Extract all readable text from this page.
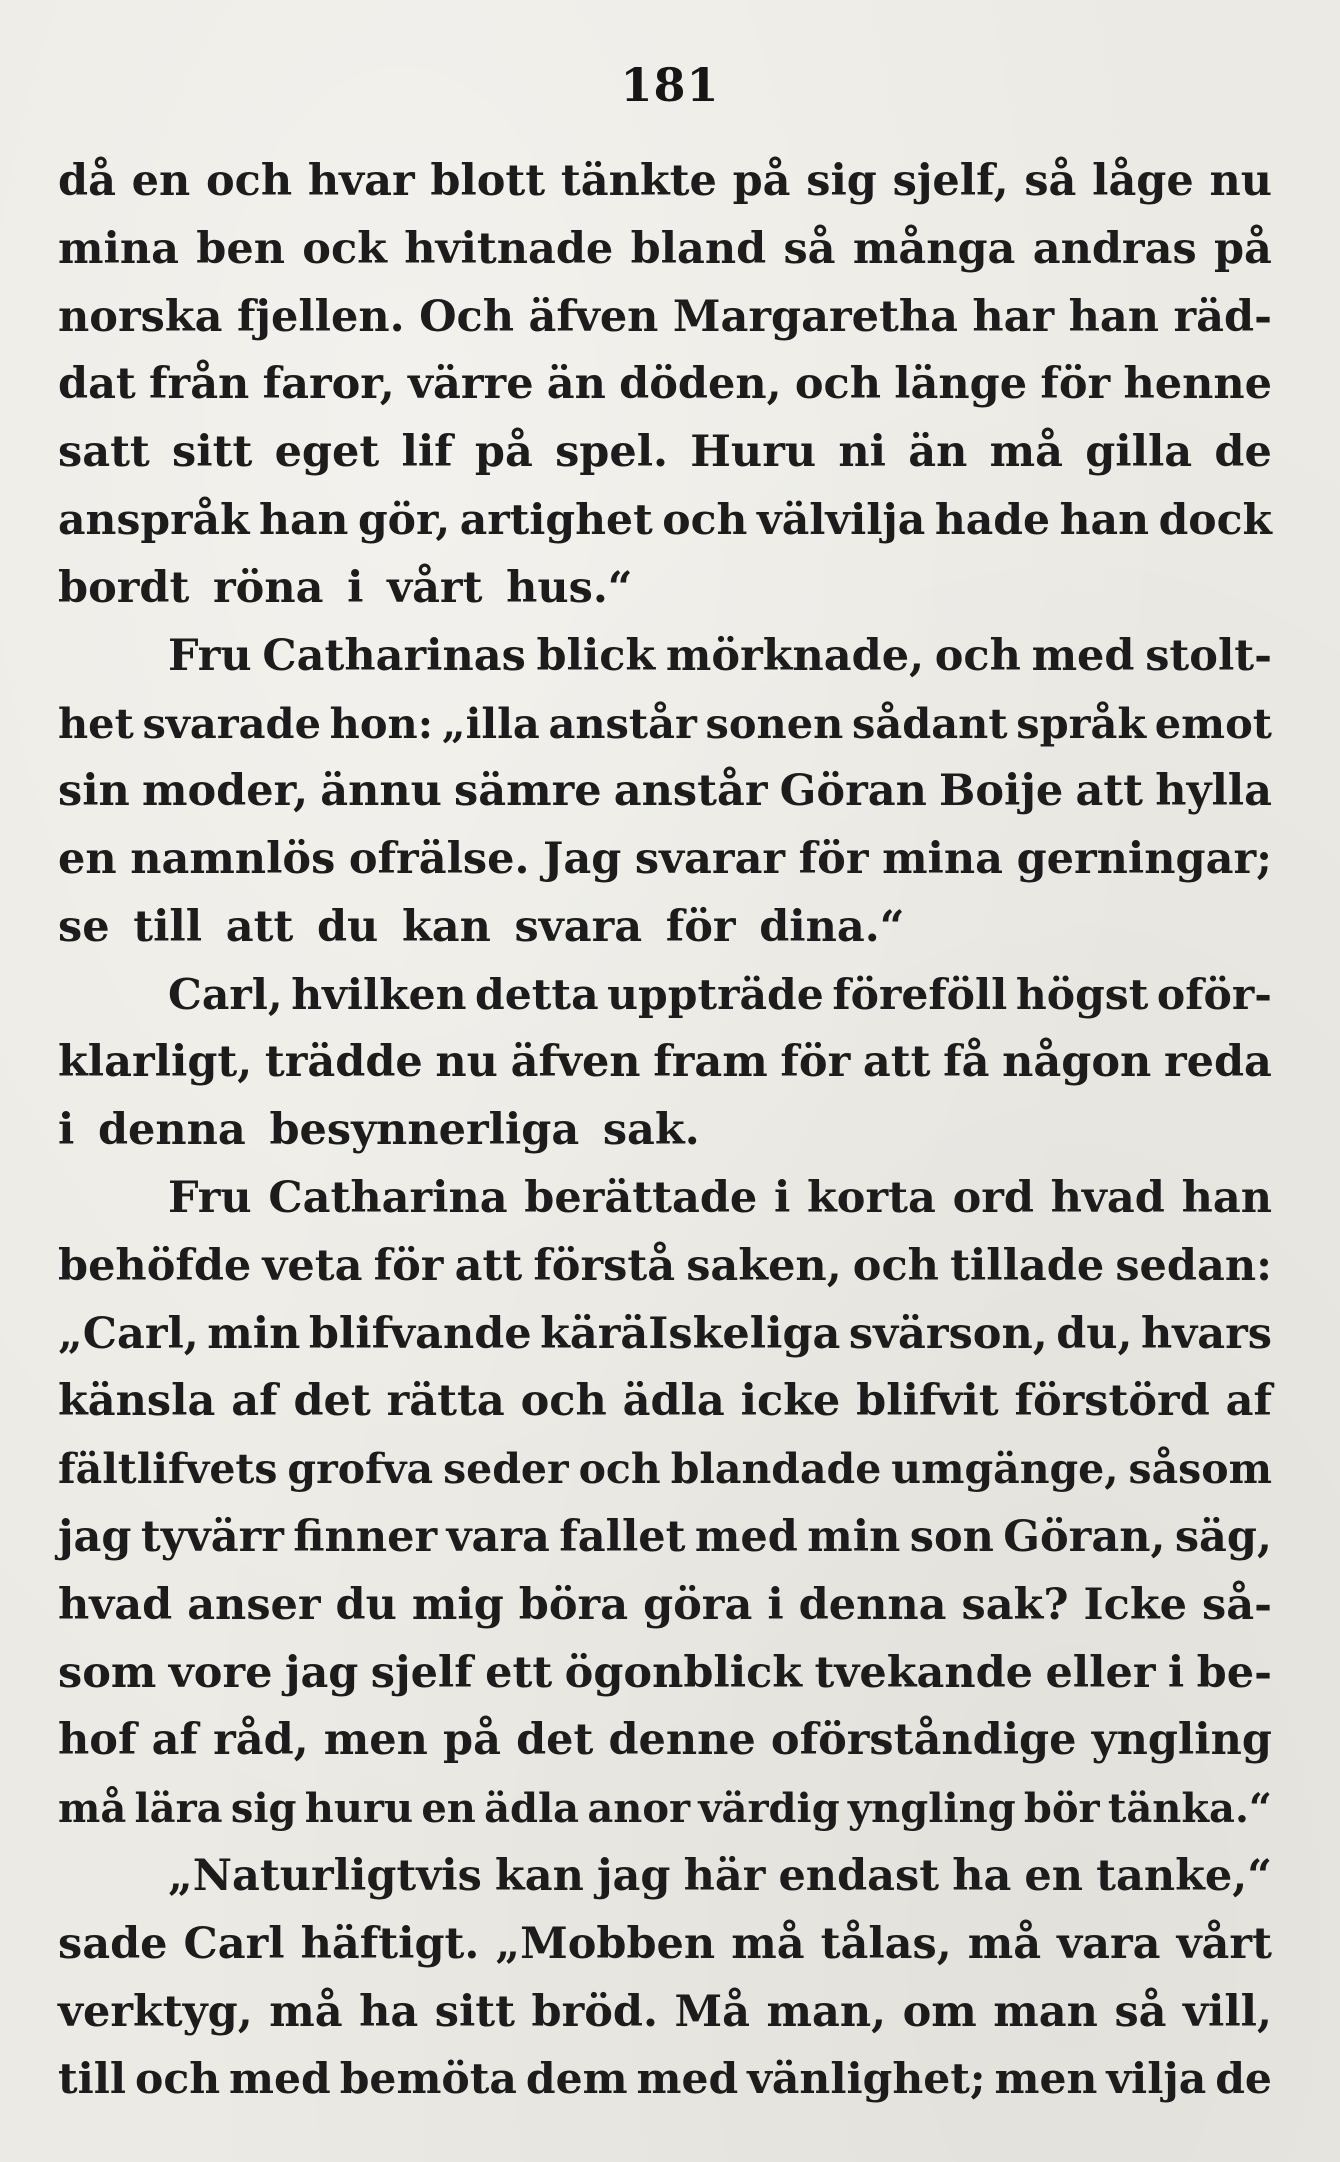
181
då en och hvar blott tänkte på sig sjelf, så låge nu
mina ben ock hvitnade bland så många andras på
norska fjellen. Och äfven Margaretha har han räd-
dat från faror, värre än döden, och länge för henne
satt sitt eget lif på spel. Huru ni än må gilla de
anspråk han gör, artighet och välvilja hade han dock
bordt röna i vårt hus.“
Fru Catharinas blick mörknade, och med stolt-
het svarade hon: „illa anstår sonen sådant språk emot
sin moder, ännu sämre anstår Göran Boije att hylla
en namnlös ofrälse. Jag svarar för mina gerningar;
se till att du kan svara för dina.“
Carl, hvilken detta uppträde föreföll högst oför-
klarligt, trädde nu äfven fram för att få någon reda
i denna besynnerliga sak.
Fru Catharina berättade i korta ord hvad han
behöfde veta för att förstå saken, och tillade sedan:
„Carl, min blifvande käräIskeliga svärson, du, hvars
känsla af det rätta och ädla icke blifvit förstörd af
fältlifvets grofva seder och blandade umgänge, såsom
jag tyvärr finner vara fallet med min son Göran, säg,
hvad anser du mig böra göra i denna sak? Icke så-
som vore jag sjelf ett ögonblick tvekande eller i be-
hof af råd, men på det denne oförståndige yngling
må lära sig huru en ädla anor värdig yngling bör tänka.“
„Naturligtvis kan jag här endast ha en tanke,“
sade Carl häftigt. „Mobben må tålas, må vara vårt
verktyg, må ha sitt bröd. Må man, om man så vill,
till och med bemöta dem med vänlighet; men vilja de
